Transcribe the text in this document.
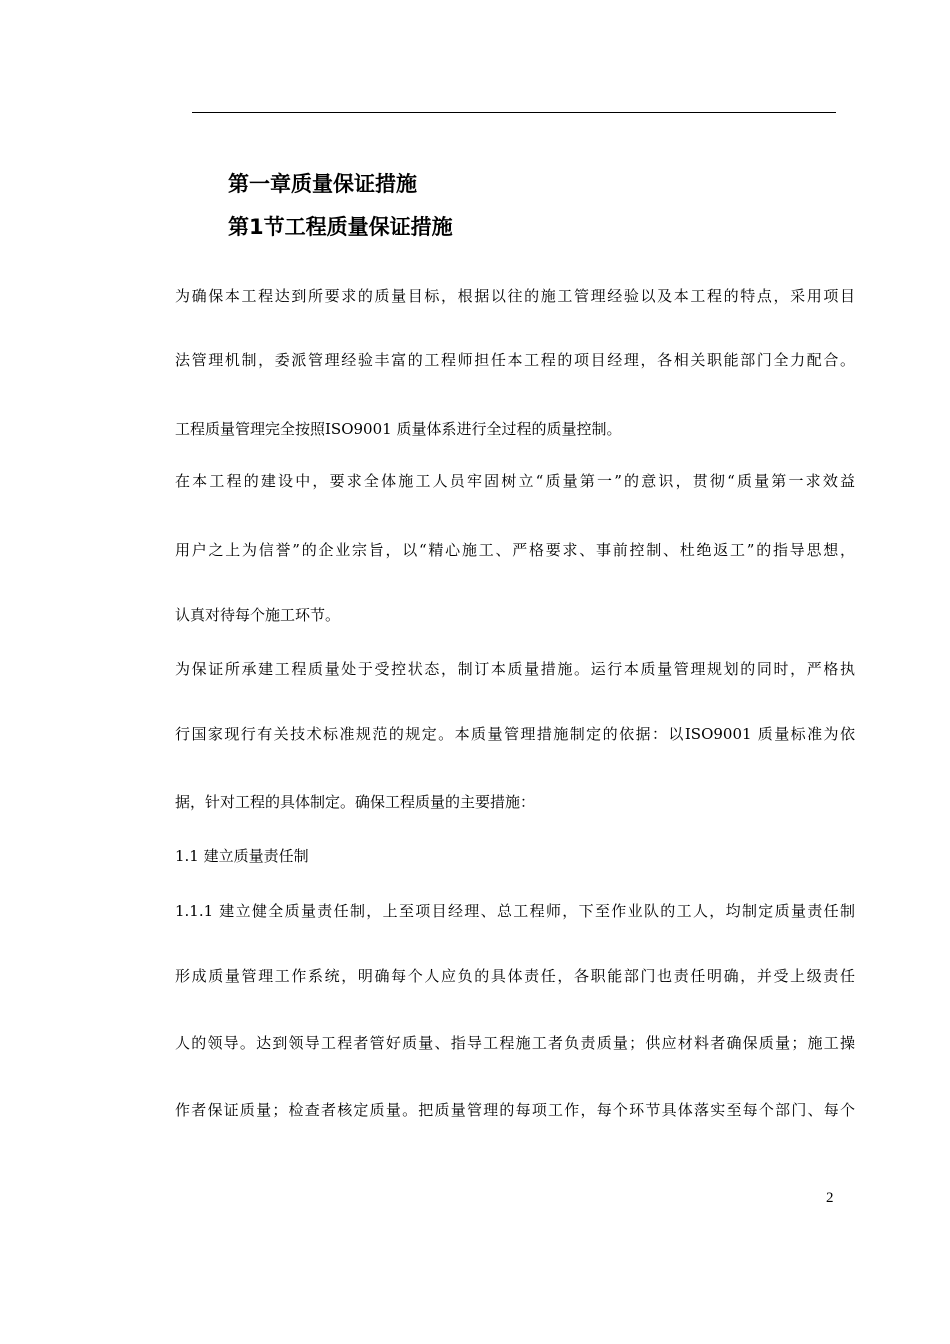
第一章质量保证措施
第1节工程质量保证措施
为确保本工程达到所要求的质量目标，根据以往的施工管理经验以及本工程的特点，采用项目
法管理机制，委派管理经验丰富的工程师担任本工程的项目经理，各相关职能部门全力配合。
工程质量管理完全按照ISO9001 质量体系进行全过程的质量控制。
在本工程的建设中，要求全体施工人员牢固树立“质量第一”的意识，贯彻“质量第一求效益
用户之上为信誉”的企业宗旨，以“精心施工、严格要求、事前控制、杜绝返工”的指导思想，
认真对待每个施工环节。
为保证所承建工程质量处于受控状态，制订本质量措施。运行本质量管理规划的同时，严格执
行国家现行有关技术标准规范的规定。本质量管理措施制定的依据：以ISO9001 质量标准为依
据，针对工程的具体制定。确保工程质量的主要措施：
1.1 建立质量责任制
1.1.1 建立健全质量责任制，上至项目经理、总工程师，下至作业队的工人，均制定质量责任制
形成质量管理工作系统，明确每个人应负的具体责任，各职能部门也责任明确，并受上级责任
人的领导。达到领导工程者管好质量、指导工程施工者负责质量；供应材料者确保质量；施工操
作者保证质量；检查者核定质量。把质量管理的每项工作，每个环节具体落实至每个部门、每个
2
